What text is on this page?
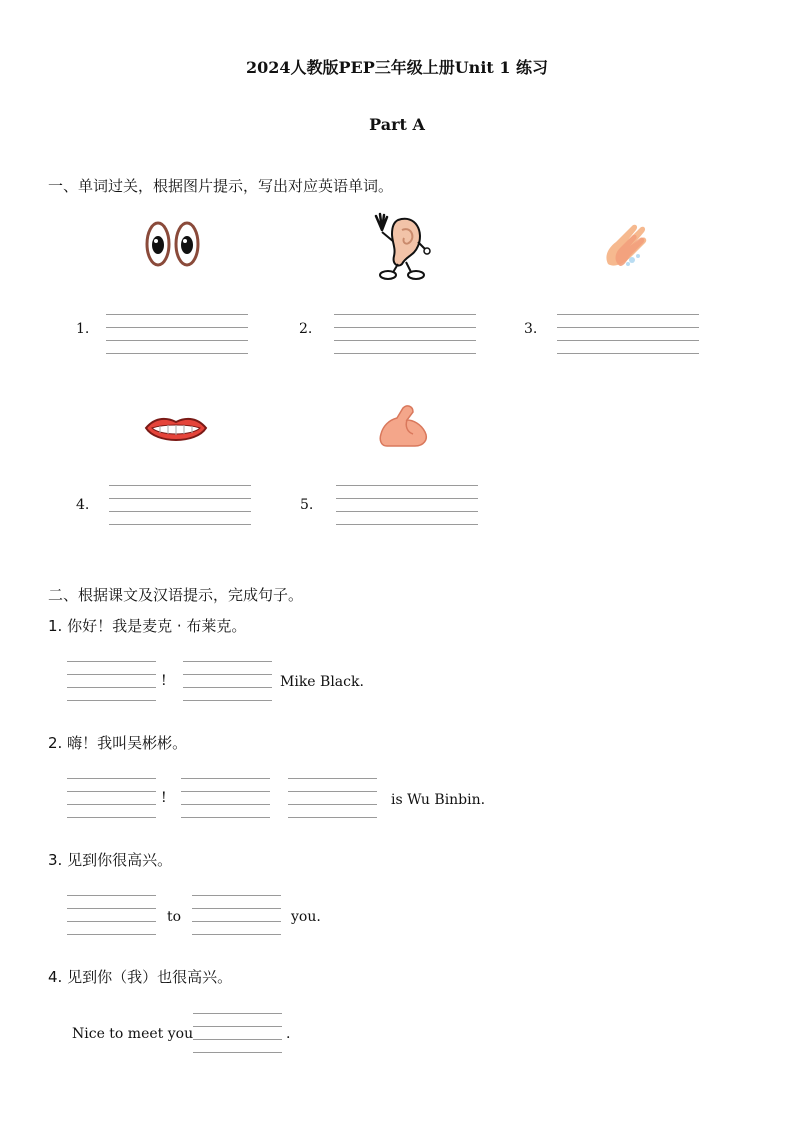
2024人教版PEP三年级上册Unit 1 练习
Part A
一、单词过关，根据图片提示，写出对应英语单词。
1.	2.	3.
4.	5.
二、根据课文及汉语提示，完成句子。
1. 你好！我是麦克 · 布莱克。
!	Mike Black.
2. 嗨！我叫吴彬彬。
!	is Wu Binbin.
3. 见到你很高兴。
to	you.
4. 见到你（我）也很高兴。
Nice to meet you	.
